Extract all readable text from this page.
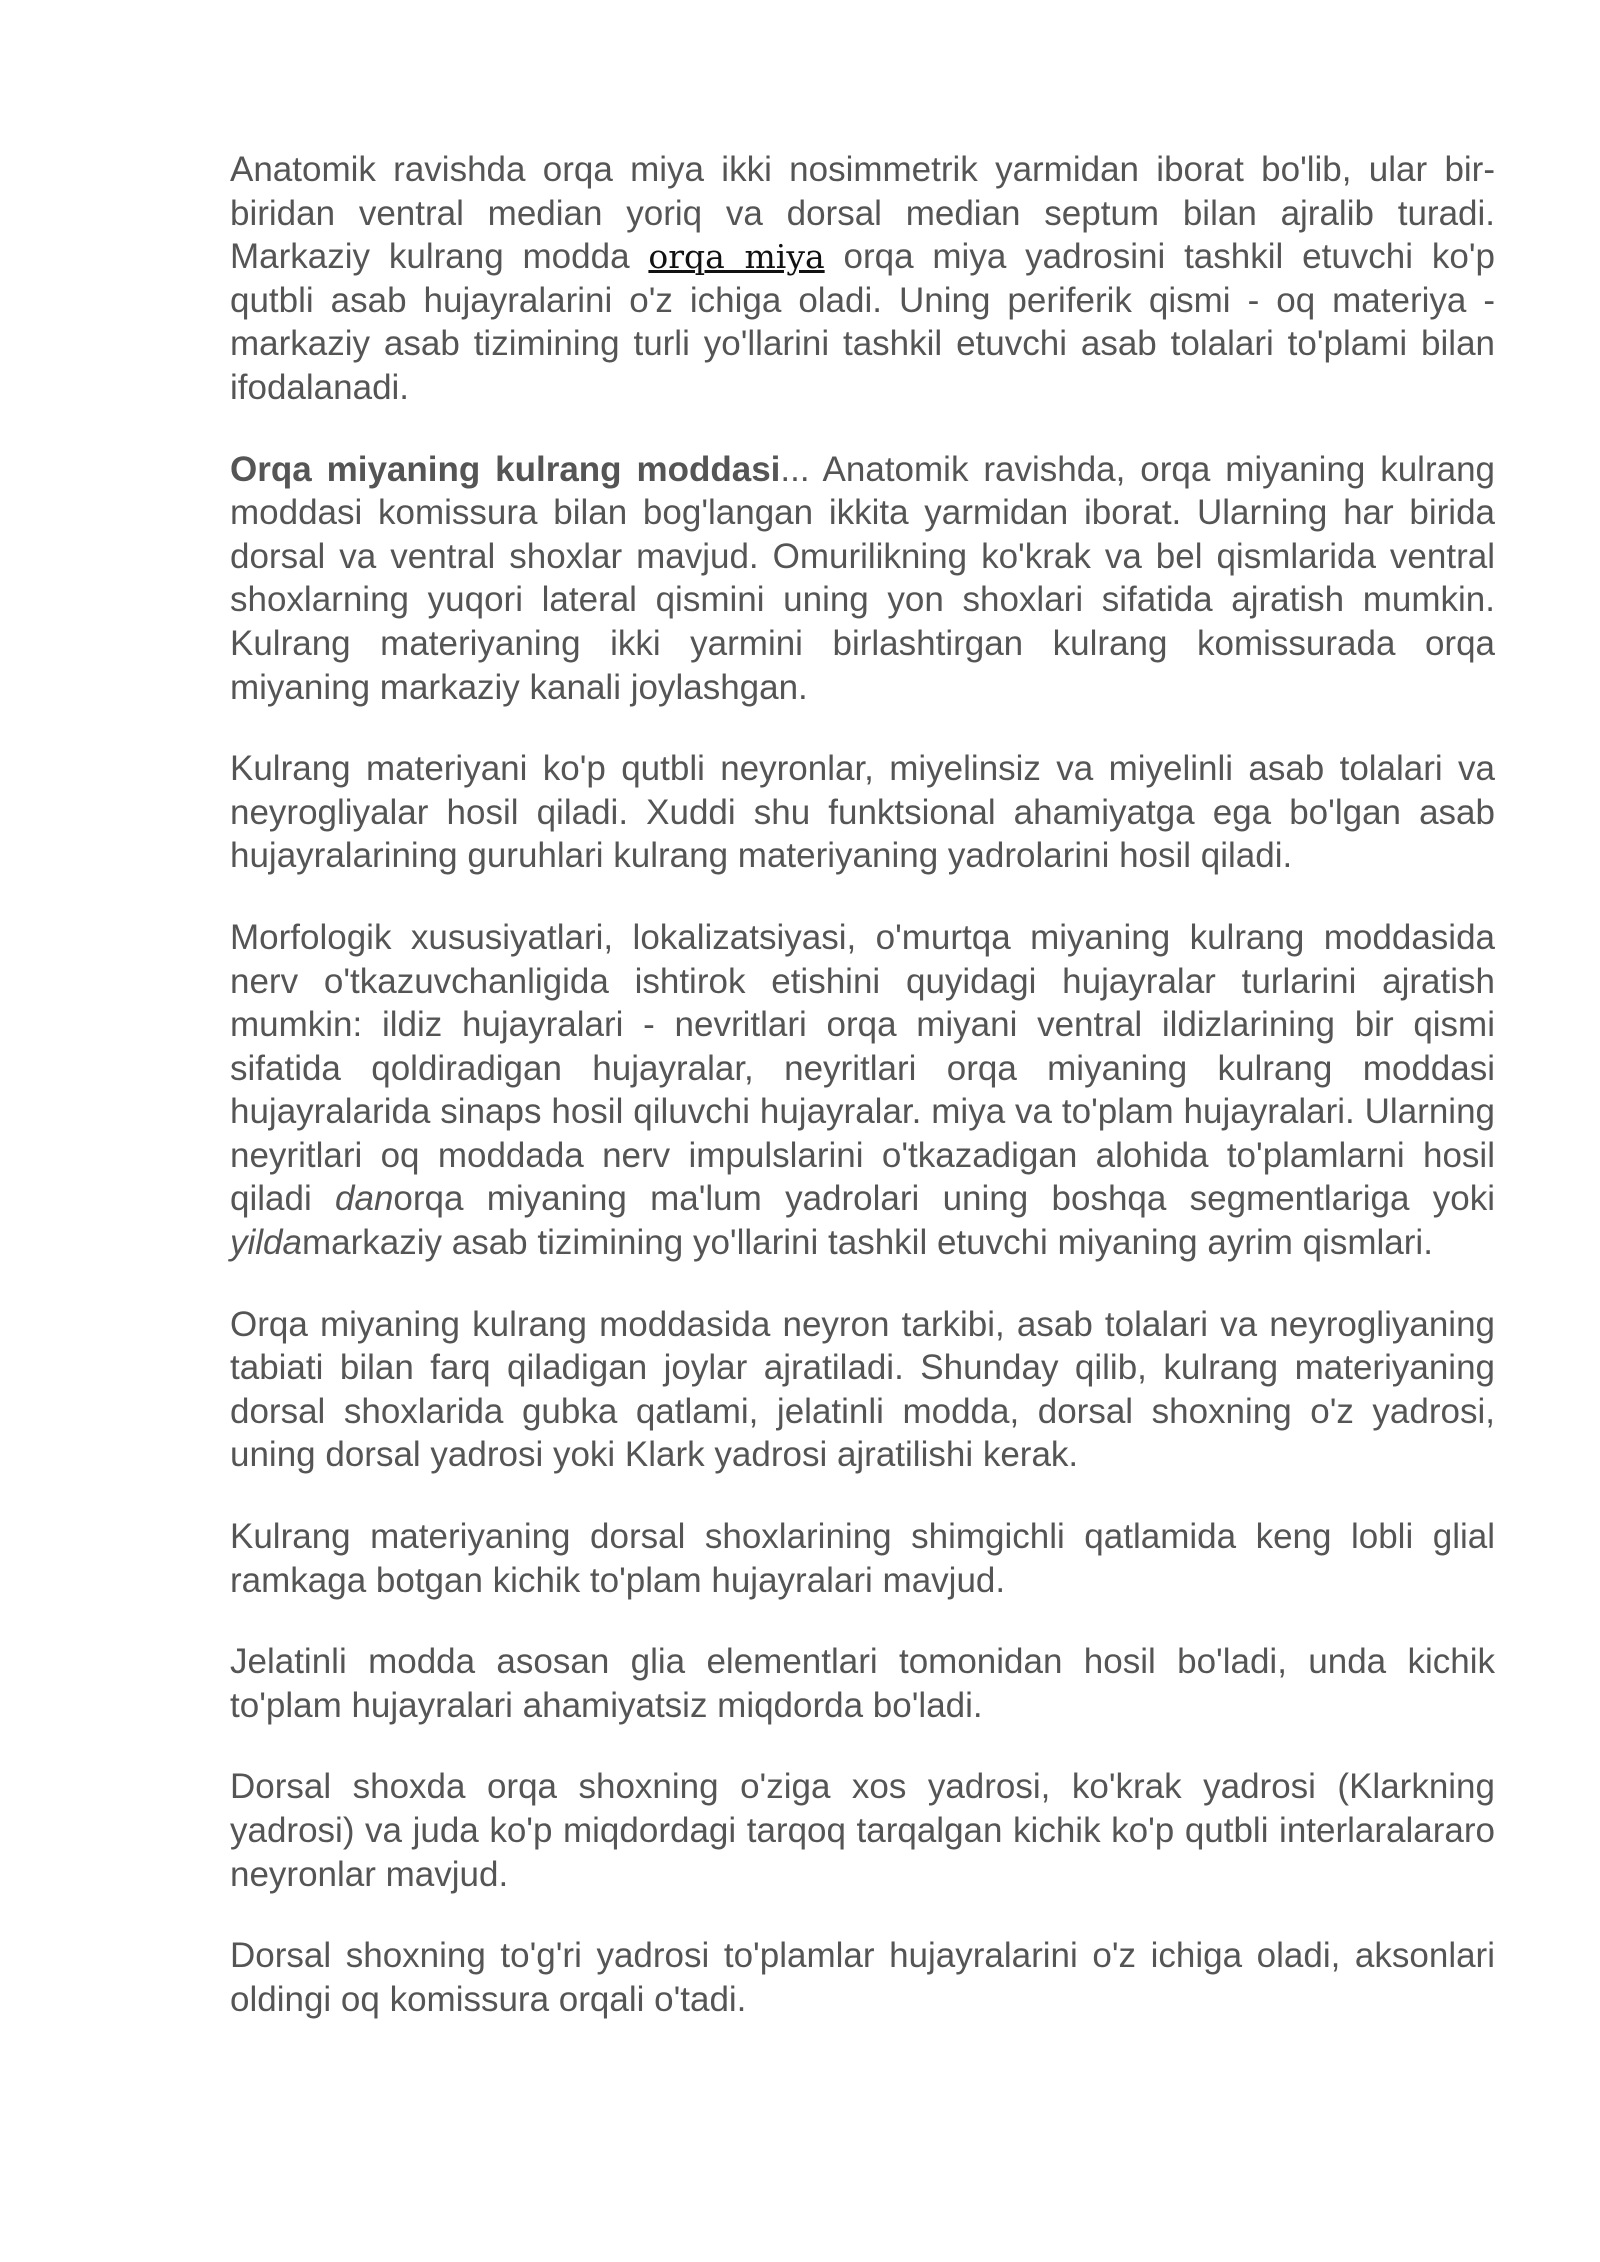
Anatomik ravishda orqa miya ikki nosimmetrik yarmidan iborat bo'lib, ular bir-biridan ventral median yoriq va dorsal median septum bilan ajralib turadi. Markaziy kulrang modda orqa miya orqa miya yadrosini tashkil etuvchi ko'p qutbli asab hujayralarini o'z ichiga oladi. Uning periferik qismi - oq materiya - markaziy asab tizimining turli yo'llarini tashkil etuvchi asab tolalari to'plami bilan ifodalanadi.

Orqa miyaning kulrang moddasi... Anatomik ravishda, orqa miyaning kulrang moddasi komissura bilan bog'langan ikkita yarmidan iborat. Ularning har birida dorsal va ventral shoxlar mavjud. Omurilikning ko'krak va bel qismlarida ventral shoxlarning yuqori lateral qismini uning yon shoxlari sifatida ajratish mumkin. Kulrang materiyaning ikki yarmini birlashtirgan kulrang komissurada orqa miyaning markaziy kanali joylashgan.

Kulrang materiyani ko'p qutbli neyronlar, miyelinsiz va miyelinli asab tolalari va neyrogliyalar hosil qiladi. Xuddi shu funktsional ahamiyatga ega bo'lgan asab hujayralarining guruhlari kulrang materiyaning yadrolarini hosil qiladi.

Morfologik xususiyatlari, lokalizatsiyasi, o'murtqa miyaning kulrang moddasida nerv o'tkazuvchanligida ishtirok etishini quyidagi hujayralar turlarini ajratish mumkin: ildiz hujayralari - nevritlari orqa miyani ventral ildizlarining bir qismi sifatida qoldiradigan hujayralar, neyritlari orqa miyaning kulrang moddasi hujayralarida sinaps hosil qiluvchi hujayralar. miya va to'plam hujayralari. Ularning neyritlari oq moddada nerv impulslarini o'tkazadigan alohida to'plamlarni hosil qiladi danorqa miyaning ma'lum yadrolari uning boshqa segmentlariga yoki yildamarkaziy asab tizimining yo'llarini tashkil etuvchi miyaning ayrim qismlari.

Orqa miyaning kulrang moddasida neyron tarkibi, asab tolalari va neyrogliyaning tabiati bilan farq qiladigan joylar ajratiladi. Shunday qilib, kulrang materiyaning dorsal shoxlarida gubka qatlami, jelatinli modda, dorsal shoxning o'z yadrosi, uning dorsal yadrosi yoki Klark yadrosi ajratilishi kerak.

Kulrang materiyaning dorsal shoxlarining shimgichli qatlamida keng lobli glial ramkaga botgan kichik to'plam hujayralari mavjud.

Jelatinli modda asosan glia elementlari tomonidan hosil bo'ladi, unda kichik to'plam hujayralari ahamiyatsiz miqdorda bo'ladi.

Dorsal shoxda orqa shoxning o'ziga xos yadrosi, ko'krak yadrosi (Klarkning yadrosi) va juda ko'p miqdordagi tarqoq tarqalgan kichik ko'p qutbli interlaralararo neyronlar mavjud.

Dorsal shoxning to'g'ri yadrosi to'plamlar hujayralarini o'z ichiga oladi, aksonlari oldingi oq komissura orqali o'tadi.
